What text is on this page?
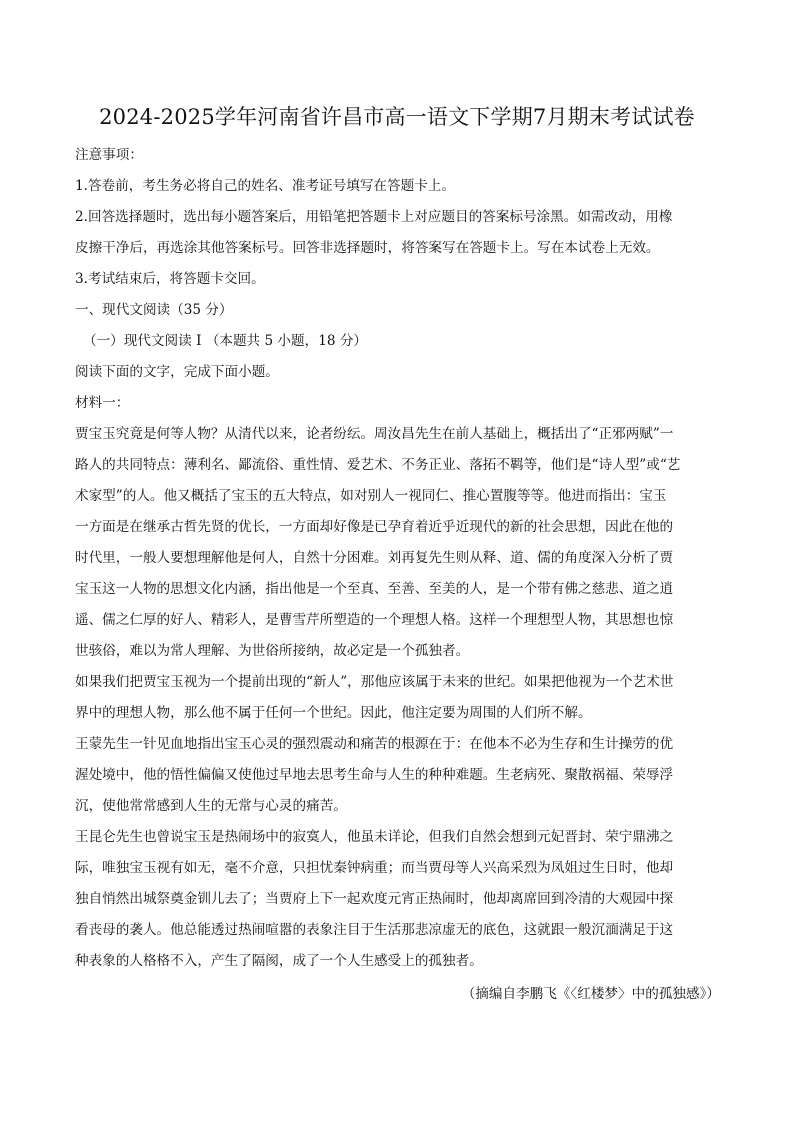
2024-2025学年河南省许昌市高一语文下学期7月期末考试试卷
注意事项：
1.答卷前，考生务必将自己的姓名、准考证号填写在答题卡上。
2.回答选择题时，选出每小题答案后，用铅笔把答题卡上对应题目的答案标号涂黑。如需改动，用橡
皮擦干净后，再选涂其他答案标号。回答非选择题时，将答案写在答题卡上。写在本试卷上无效。
3.考试结束后，将答题卡交回。
一、现代文阅读（35 分）
（一）现代文阅读 I （本题共 5 小题，18 分）
阅读下面的文字，完成下面小题。
材料一：
贾宝玉究竟是何等人物？从清代以来，论者纷纭。周汝昌先生在前人基础上，概括出了“正邪两赋”一
路人的共同特点：薄利名、鄙流俗、重性情、爱艺术、不务正业、落拓不羁等，他们是“诗人型”或“艺
术家型”的人。他又概括了宝玉的五大特点，如对别人一视同仁、推心置腹等等。他进而指出：宝玉
一方面是在继承古哲先贤的优长，一方面却好像是已孕育着近乎近现代的新的社会思想，因此在他的
时代里，一般人要想理解他是何人，自然十分困难。刘再复先生则从释、道、儒的角度深入分析了贾
宝玉这一人物的思想文化内涵，指出他是一个至真、至善、至美的人，是一个带有佛之慈悲、道之逍
遥、儒之仁厚的好人、精彩人，是曹雪芹所塑造的一个理想人格。这样一个理想型人物，其思想也惊
世骇俗，难以为常人理解、为世俗所接纳，故必定是一个孤独者。
如果我们把贾宝玉视为一个提前出现的“新人”，那他应该属于未来的世纪。如果把他视为一个艺术世
界中的理想人物，那么他不属于任何一个世纪。因此，他注定要为周围的人们所不解。
王蒙先生一针见血地指出宝玉心灵的强烈震动和痛苦的根源在于：在他本不必为生存和生计操劳的优
渥处境中，他的悟性偏偏又使他过早地去思考生命与人生的种种难题。生老病死、聚散祸福、荣辱浮
沉，使他常常感到人生的无常与心灵的痛苦。
王昆仑先生也曾说宝玉是热闹场中的寂寞人，他虽未详论，但我们自然会想到元妃晋封、荣宁鼎沸之
际，唯独宝玉视有如无，毫不介意，只担忧秦钟病重；而当贾母等人兴高采烈为凤姐过生日时，他却
独自悄然出城祭奠金钏儿去了；当贾府上下一起欢度元宵正热闹时，他却离席回到冷清的大观园中探
看丧母的袭人。他总能透过热闹喧嚣的表象注目于生活那悲凉虚无的底色，这就跟一般沉湎满足于这
种表象的人格格不入，产生了隔阂，成了一个人生感受上的孤独者。
（摘编自李鹏飞《〈红楼梦〉中的孤独感》）
